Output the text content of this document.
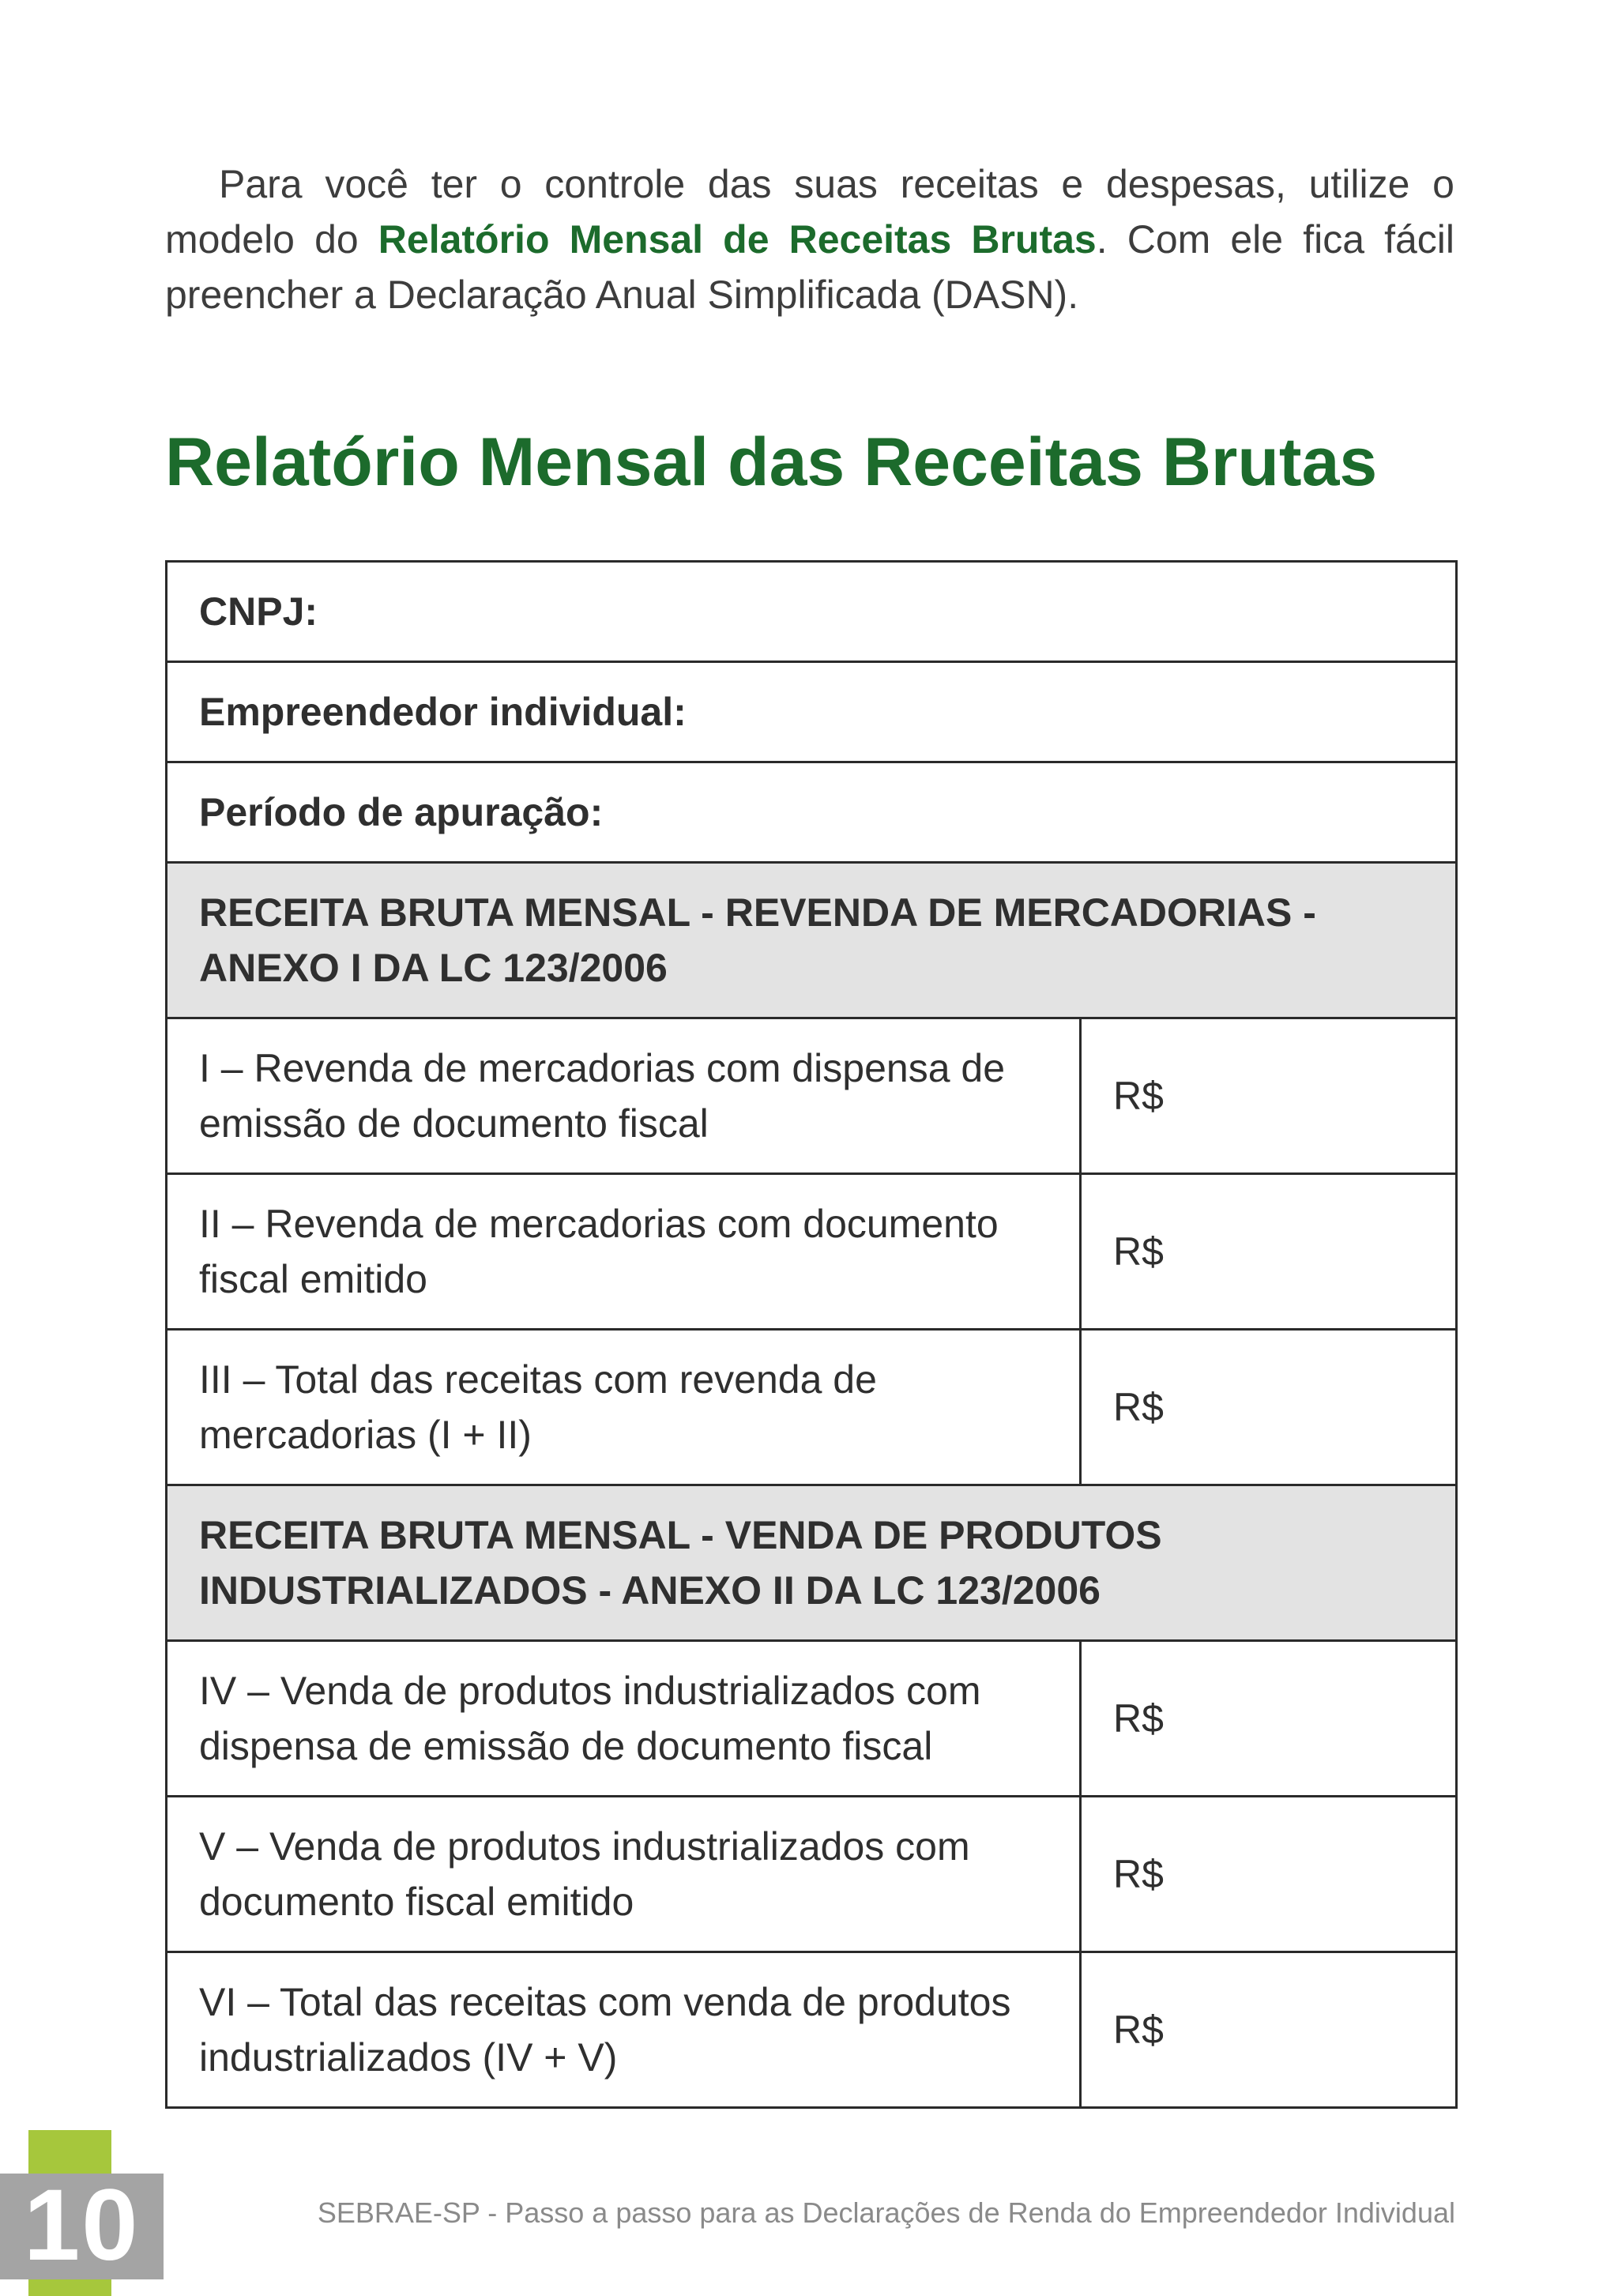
Para você ter o controle das suas receitas e despesas, utilize o modelo do Relatório Mensal de Receitas Brutas. Com ele fica fácil preencher a Declaração Anual Simplificada (DASN).

Relatório Mensal das Receitas Brutas
CNPJ:	
Empreendedor individual:	
Período de apuração:	
RECEITA BRUTA MENSAL - REVENDA DE MERCADORIAS - ANEXO I DA LC 123/2006	
I – Revenda de mercadorias com dispensa de emissão de documento fiscal	R$
II – Revenda de mercadorias com documento fiscal emitido	R$
III – Total das receitas com revenda de mercadorias (I + II)	R$
RECEITA BRUTA MENSAL - VENDA DE PRODUTOS INDUSTRIALIZADOS - ANEXO II DA LC 123/2006	
IV – Venda de produtos industrializados com dispensa de emissão de documento fiscal	R$
V – Venda de produtos industrializados com documento fiscal emitido	R$
VI – Total das receitas com venda de produtos industrializados (IV + V)	R$
10	SEBRAE-SP - Passo a passo para as Declarações de Renda do Empreendedor Individual
